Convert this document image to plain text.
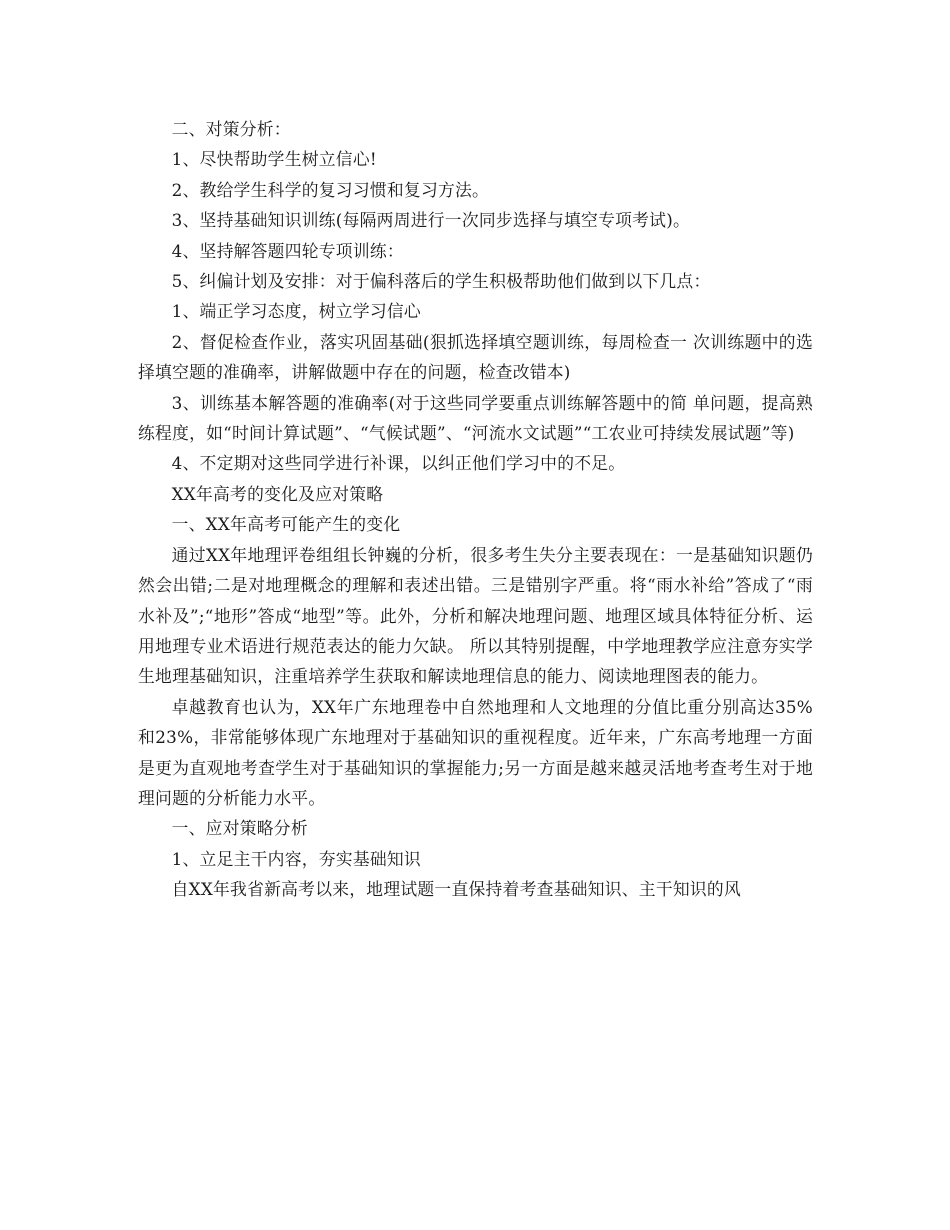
二、对策分析：

1、尽快帮助学生树立信心!

2、教给学生科学的复习习惯和复习方法。

3、坚持基础知识训练(每隔两周进行一次同步选择与填空专项考试)。

4、坚持解答题四轮专项训练：

5、纠偏计划及安排：对于偏科落后的学生积极帮助他们做到以下几点：

1、端正学习态度，树立学习信心

2、督促检查作业，落实巩固基础(狠抓选择填空题训练，每周检查一 次训练题中的选择填空题的准确率，讲解做题中存在的问题，检查改错本)

3、训练基本解答题的准确率(对于这些同学要重点训练解答题中的简 单问题，提高熟练程度，如“时间计算试题”、“气候试题”、“河流水文试题”“工农业可持续发展试题”等)

4、不定期对这些同学进行补课，以纠正他们学习中的不足。

XX年高考的变化及应对策略

一、XX年高考可能产生的变化

通过XX年地理评卷组组长钟巍的分析，很多考生失分主要表现在：一是基础知识题仍然会出错;二是对地理概念的理解和表述出错。三是错别字严重。将“雨水补给”答成了“雨水补及”;“地形”答成“地型”等。此外，分析和解决地理问题、地理区域具体特征分析、运用地理专业术语进行规范表达的能力欠缺。 所以其特别提醒，中学地理教学应注意夯实学生地理基础知识，注重培养学生获取和解读地理信息的能力、阅读地理图表的能力。

卓越教育也认为，XX年广东地理卷中自然地理和人文地理的分值比重分别高达35%和23%，非常能够体现广东地理对于基础知识的重视程度。近年来，广东高考地理一方面是更为直观地考查学生对于基础知识的掌握能力;另一方面是越来越灵活地考查考生对于地理问题的分析能力水平。

一、应对策略分析

1、立足主干内容，夯实基础知识

自XX年我省新高考以来，地理试题一直保持着考查基础知识、主干知识的风
